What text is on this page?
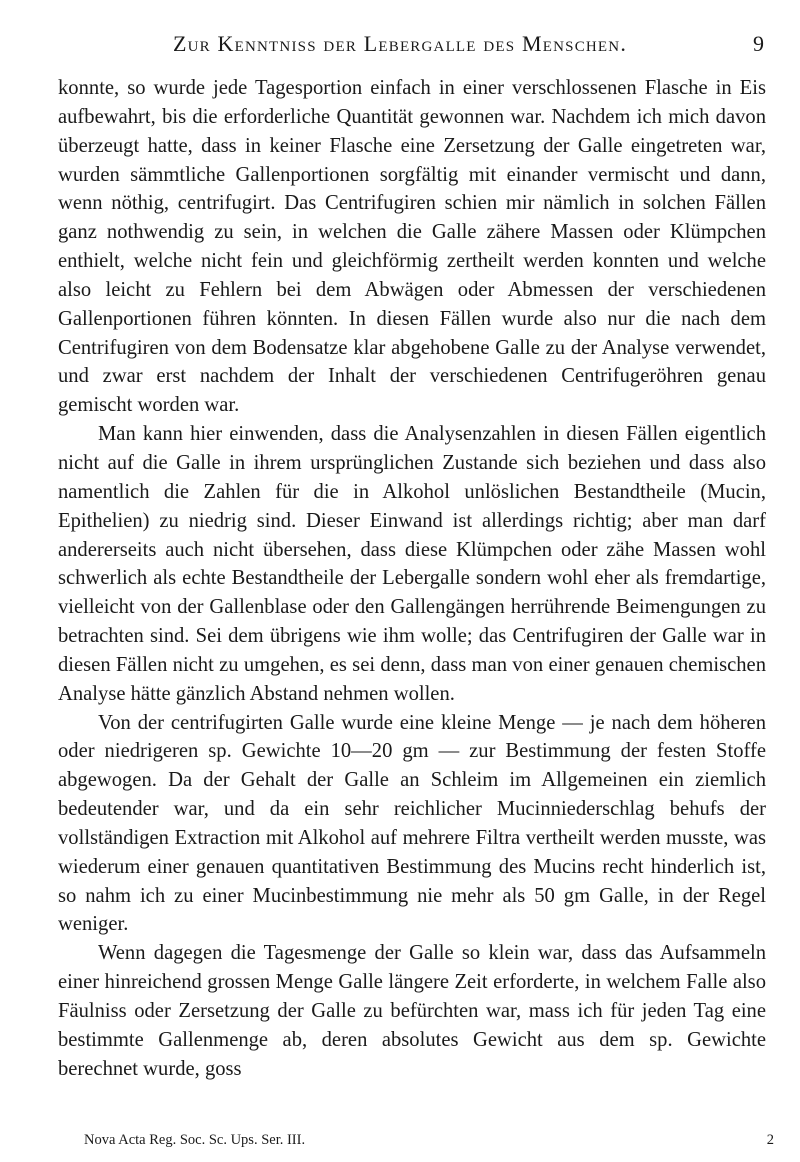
Zur Kenntniss der Lebergalle des Menschen.	9

konnte, so wurde jede Tagesportion einfach in einer verschlossenen Flasche in Eis aufbewahrt, bis die erforderliche Quantität gewonnen war. Nachdem ich mich davon überzeugt hatte, dass in keiner Flasche eine Zersetzung der Galle eingetreten war, wurden sämmtliche Gallenportionen sorgfältig mit einander vermischt und dann, wenn nöthig, centrifugirt. Das Centrifugiren schien mir nämlich in solchen Fällen ganz nothwendig zu sein, in welchen die Galle zähere Massen oder Klümpchen enthielt, welche nicht fein und gleichförmig zertheilt werden konnten und welche also leicht zu Fehlern bei dem Abwägen oder Abmessen der verschiedenen Gallenportionen führen könnten. In diesen Fällen wurde also nur die nach dem Centrifugiren von dem Bodensatze klar abgehobene Galle zu der Analyse verwendet, und zwar erst nachdem der Inhalt der verschiedenen Centrifugeröhren genau gemischt worden war.

Man kann hier einwenden, dass die Analysenzahlen in diesen Fällen eigentlich nicht auf die Galle in ihrem ursprünglichen Zustande sich beziehen und dass also namentlich die Zahlen für die in Alkohol unlöslichen Bestandtheile (Mucin, Epithelien) zu niedrig sind. Dieser Einwand ist allerdings richtig; aber man darf andererseits auch nicht übersehen, dass diese Klümpchen oder zähe Massen wohl schwerlich als echte Bestandtheile der Lebergalle sondern wohl eher als fremdartige, vielleicht von der Gallenblase oder den Gallengängen herrührende Beimengungen zu betrachten sind. Sei dem übrigens wie ihm wolle; das Centrifugiren der Galle war in diesen Fällen nicht zu umgehen, es sei denn, dass man von einer genauen chemischen Analyse hätte gänzlich Abstand nehmen wollen.

Von der centrifugirten Galle wurde eine kleine Menge — je nach dem höheren oder niedrigeren sp. Gewichte 10—20 gm — zur Bestimmung der festen Stoffe abgewogen. Da der Gehalt der Galle an Schleim im Allgemeinen ein ziemlich bedeutender war, und da ein sehr reichlicher Mucinniederschlag behufs der vollständigen Extraction mit Alkohol auf mehrere Filtra vertheilt werden musste, was wiederum einer genauen quantitativen Bestimmung des Mucins recht hinderlich ist, so nahm ich zu einer Mucinbestimmung nie mehr als 50 gm Galle, in der Regel weniger.

Wenn dagegen die Tagesmenge der Galle so klein war, dass das Aufsammeln einer hinreichend grossen Menge Galle längere Zeit erforderte, in welchem Falle also Fäulniss oder Zersetzung der Galle zu befürchten war, mass ich für jeden Tag eine bestimmte Gallenmenge ab, deren absolutes Gewicht aus dem sp. Gewichte berechnet wurde, goss

Nova Acta Reg. Soc. Sc. Ups. Ser. III.	2
